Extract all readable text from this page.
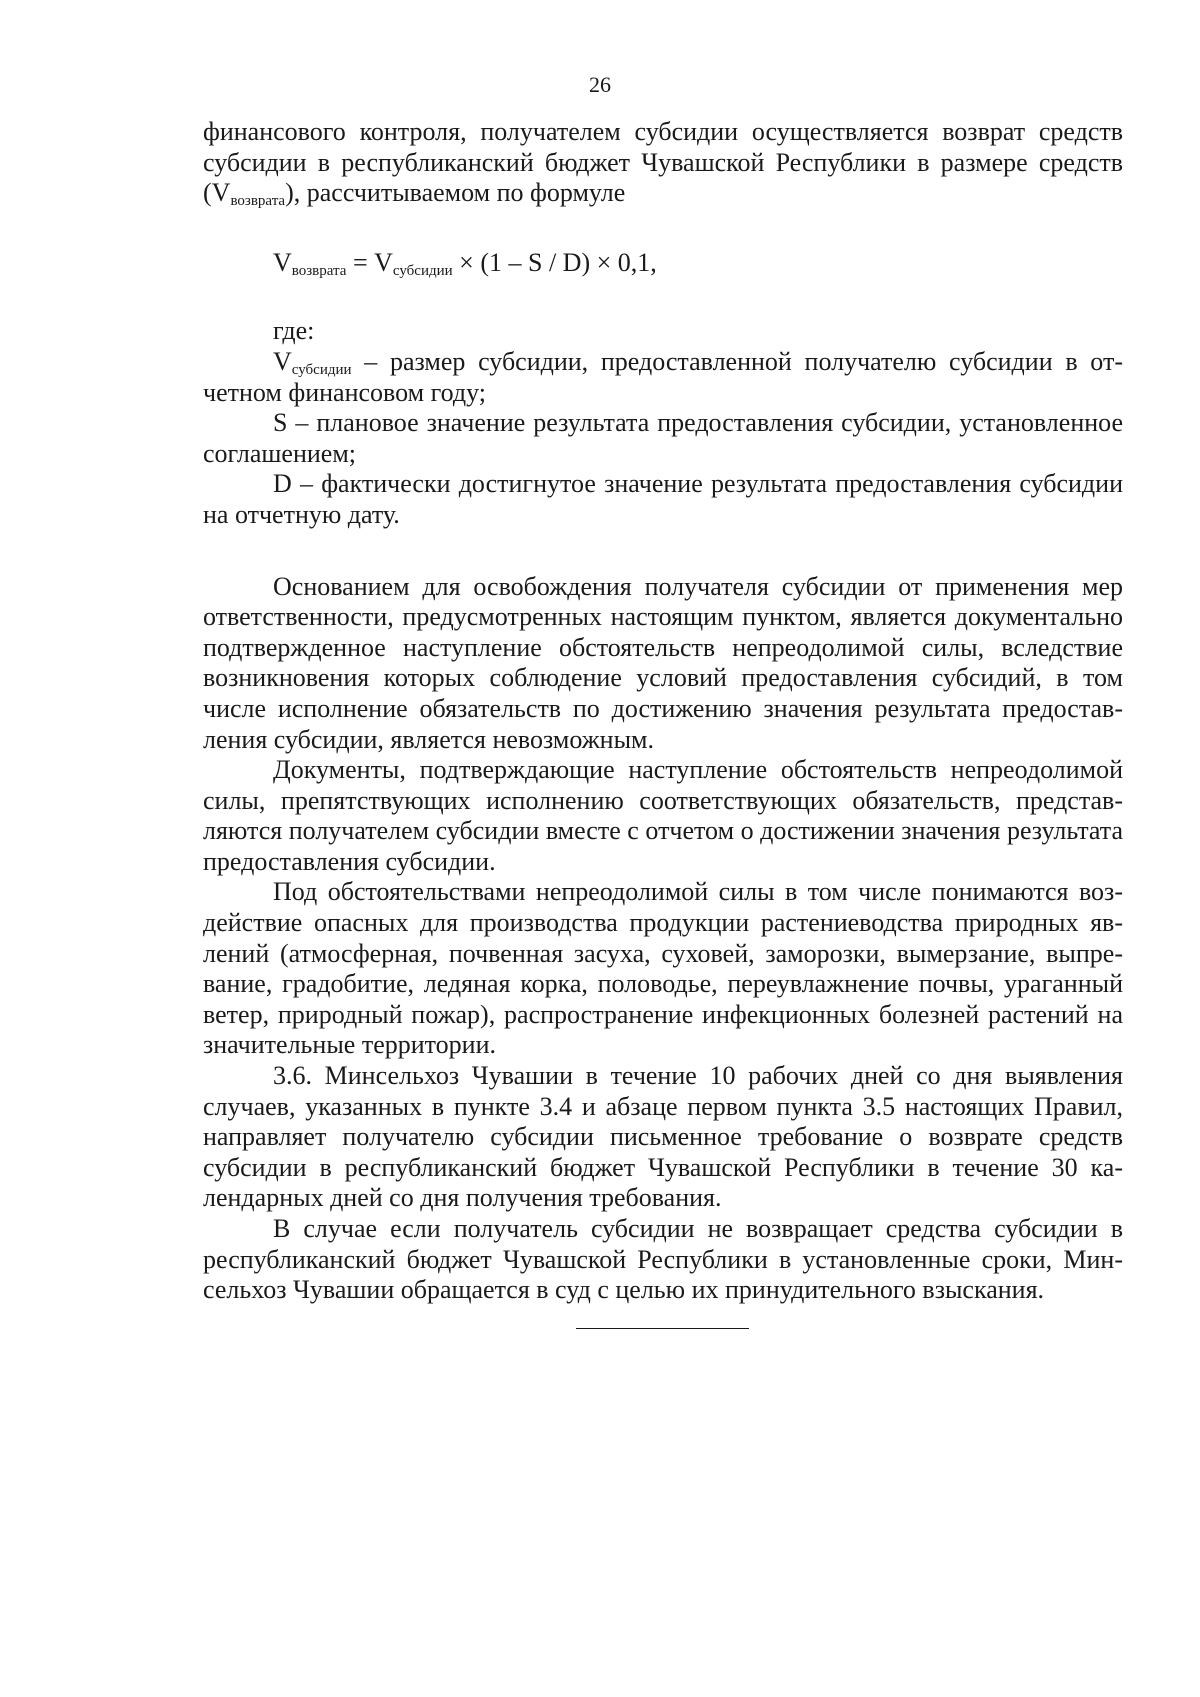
26

финансового контроля, получателем субсидии осуществляется возврат средств субсидии в республиканский бюджет Чувашской Республики в размере средств $(V_{возврата})$, рассчитываемом по формуле

$V_{возврата} = V_{субсидии} \times (1 - S / D) \times 0,1$,

где:

$V_{субсидии}$ – размер субсидии, предоставленной получателю субсидии в отчетном финансовом году;

S – плановое значение результата предоставления субсидии, установленное соглашением;

D – фактически достигнутое значение результата предоставления субсидии на отчетную дату.

Основанием для освобождения получателя субсидии от применения мер ответственности, предусмотренных настоящим пунктом, является документально подтвержденное наступление обстоятельств непреодолимой силы, вследствие возникновения которых соблюдение условий предоставления субсидий, в том числе исполнение обязательств по достижению значения результата предоставления субсидии, является невозможным.

Документы, подтверждающие наступление обстоятельств непреодолимой силы, препятствующих исполнению соответствующих обязательств, представляются получателем субсидии вместе с отчетом о достижении значения результата предоставления субсидии.

Под обстоятельствами непреодолимой силы в том числе понимаются воздействие опасных для производства продукции растениеводства природных явлений (атмосферная, почвенная засуха, суховей, заморозки, вымерзание, выпревание, градобитие, ледяная корка, половодье, переувлажнение почвы, ураганный ветер, природный пожар), распространение инфекционных болезней растений на значительные территории.

3.6. Минсельхоз Чувашии в течение 10 рабочих дней со дня выявления случаев, указанных в пункте 3.4 и абзаце первом пункта 3.5 настоящих Правил, направляет получателю субсидии письменное требование о возврате средств субсидии в республиканский бюджет Чувашской Республики в течение 30 календарных дней со дня получения требования.

В случае если получатель субсидии не возвращает средства субсидии в республиканский бюджет Чувашской Республики в установленные сроки, Минсельхоз Чувашии обращается в суд с целью их принудительного взыскания.
